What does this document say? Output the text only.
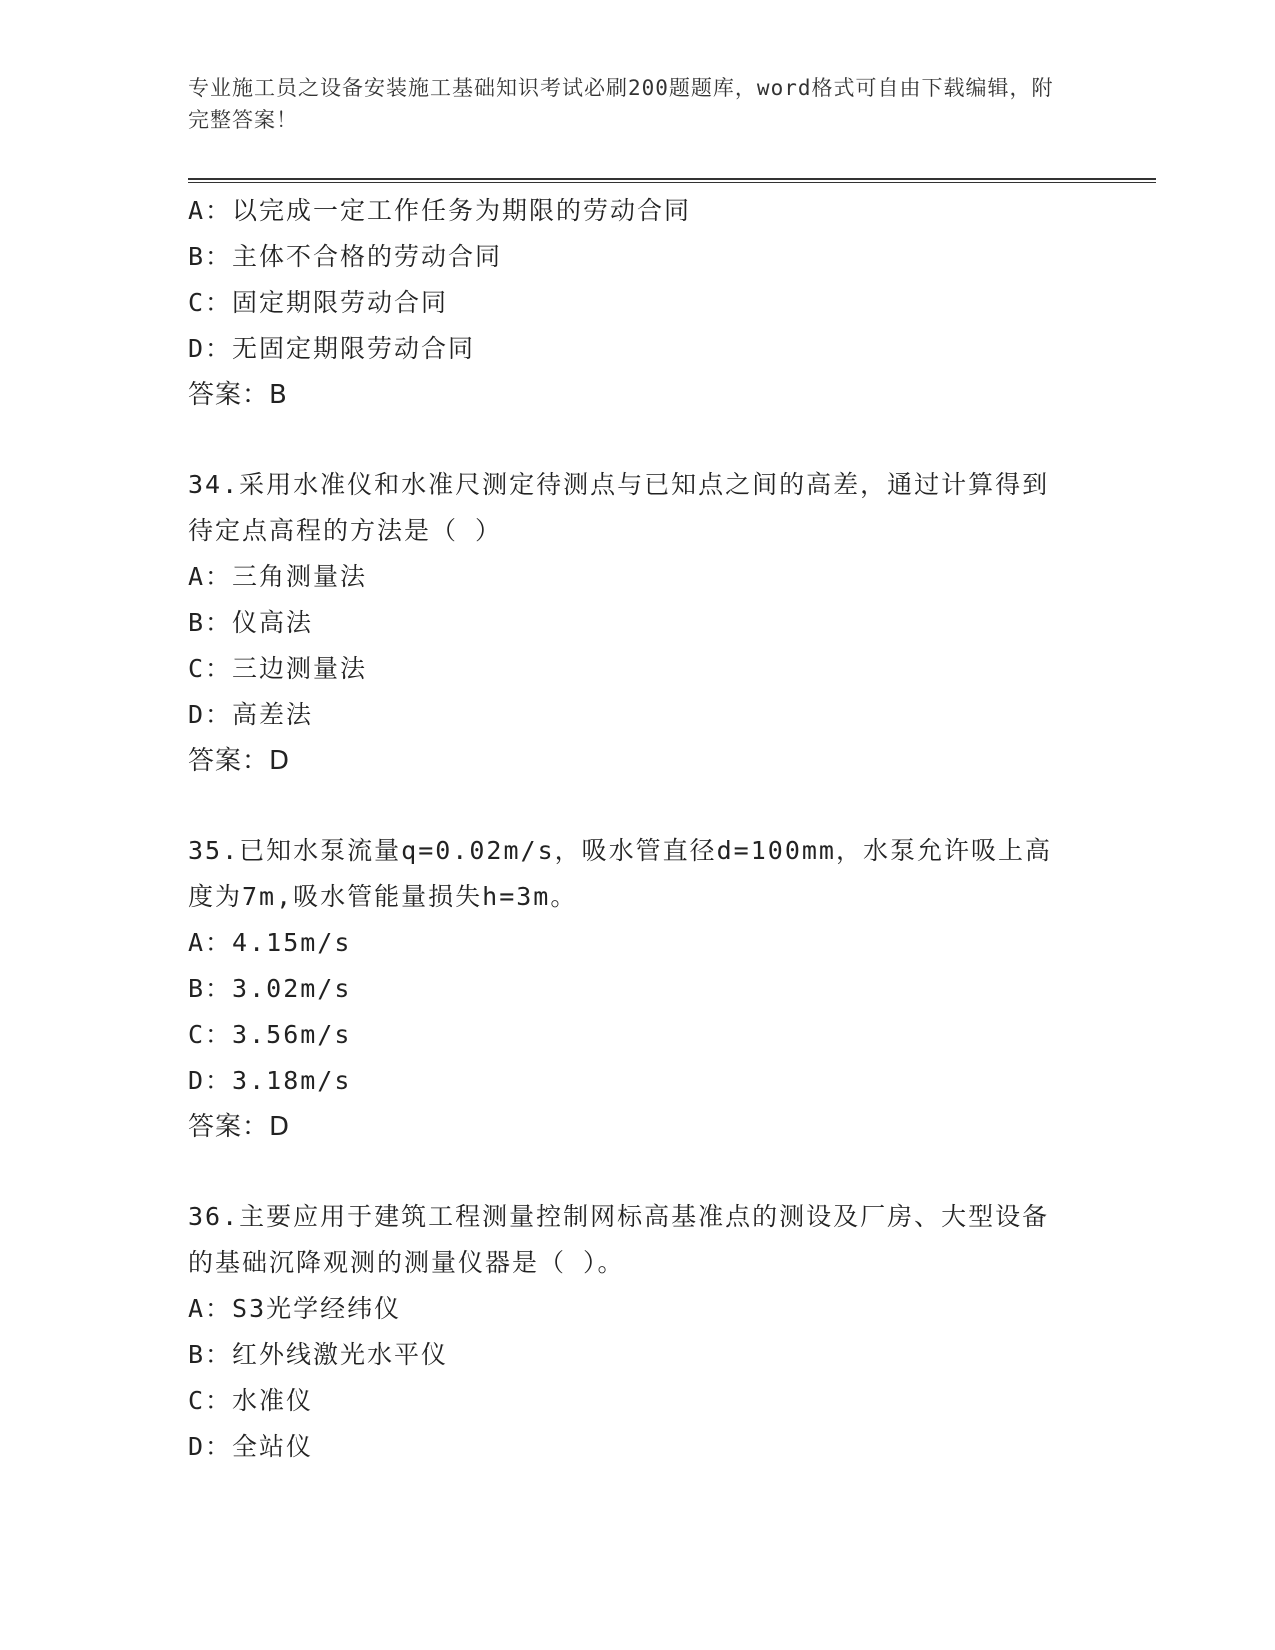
专业施工员之设备安装施工基础知识考试必刷200题题库，word格式可自由下载编辑，附完整答案！
A：以完成一定工作任务为期限的劳动合同
B：主体不合格的劳动合同
C：固定期限劳动合同
D：无固定期限劳动合同
答案：B
34.采用水准仪和水准尺测定待测点与已知点之间的高差，通过计算得到待定点高程的方法是（ ）
A：三角测量法
B：仪高法
C：三边测量法
D：高差法
答案：D
35.已知水泵流量q=0.02m/s，吸水管直径d=100mm，水泵允许吸上高度为7m,吸水管能量损失h=3m。
A：4.15m/s
B：3.02m/s
C：3.56m/s
D：3.18m/s
答案：D
36.主要应用于建筑工程测量控制网标高基准点的测设及厂房、大型设备的基础沉降观测的测量仪器是（ ）。
A：S3光学经纬仪
B：红外线激光水平仪
C：水准仪
D：全站仪
